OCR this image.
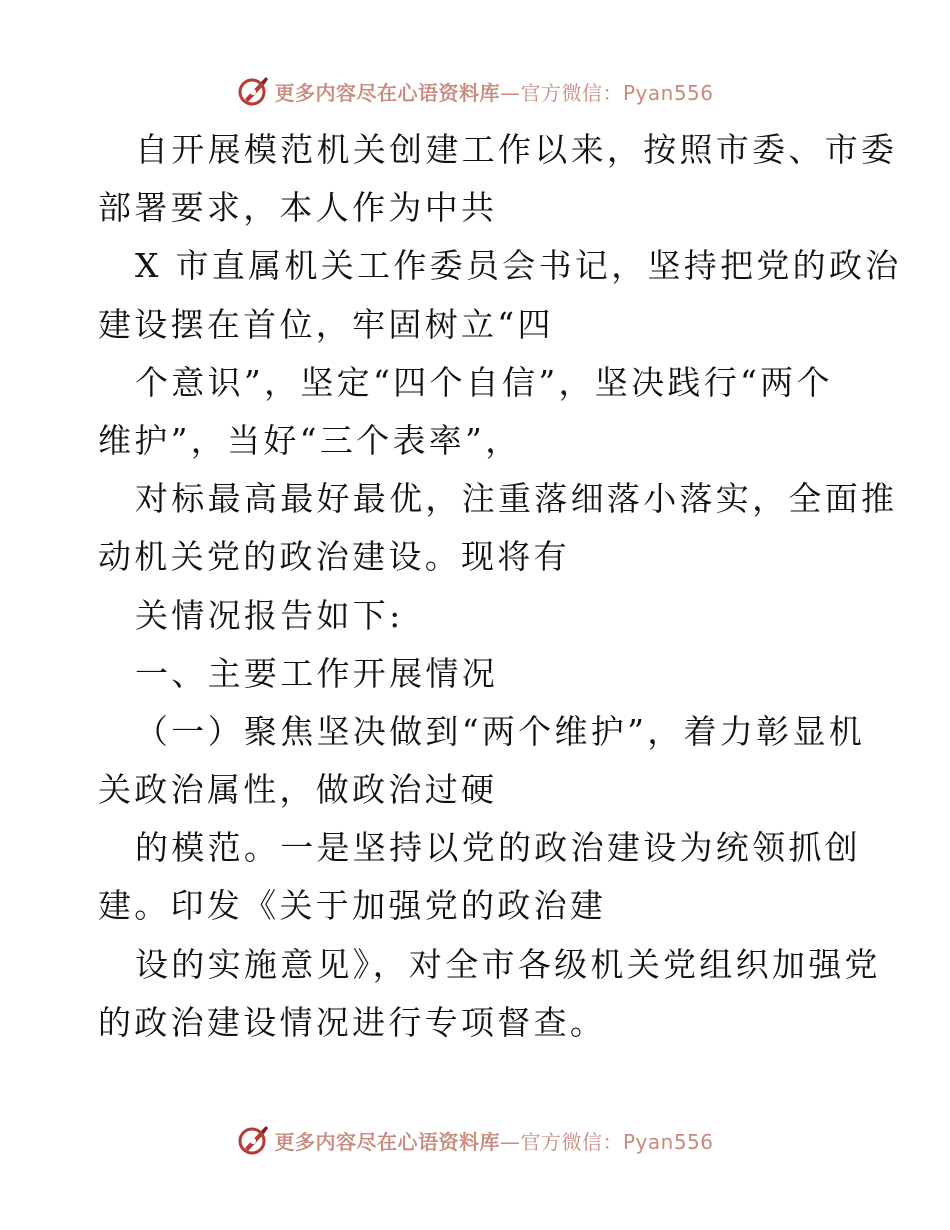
更多内容尽在心语资料库—官方微信：Pyan556
自开展模范机关创建工作以来，按照市委、市委
部署要求，本人作为中共
X 市直属机关工作委员会书记，坚持把党的政治
建设摆在首位，牢固树立“四
个意识”，坚定“四个自信”，坚决践行“两个
维护”，当好“三个表率”，
对标最高最好最优，注重落细落小落实，全面推
动机关党的政治建设。现将有
关情况报告如下:
一、主要工作开展情况
（一）聚焦坚决做到“两个维护”，着力彰显机
关政治属性，做政治过硬
的模范。一是坚持以党的政治建设为统领抓创
建。印发《关于加强党的政治建
设的实施意见》，对全市各级机关党组织加强党
的政治建设情况进行专项督查。
更多内容尽在心语资料库—官方微信：Pyan556
